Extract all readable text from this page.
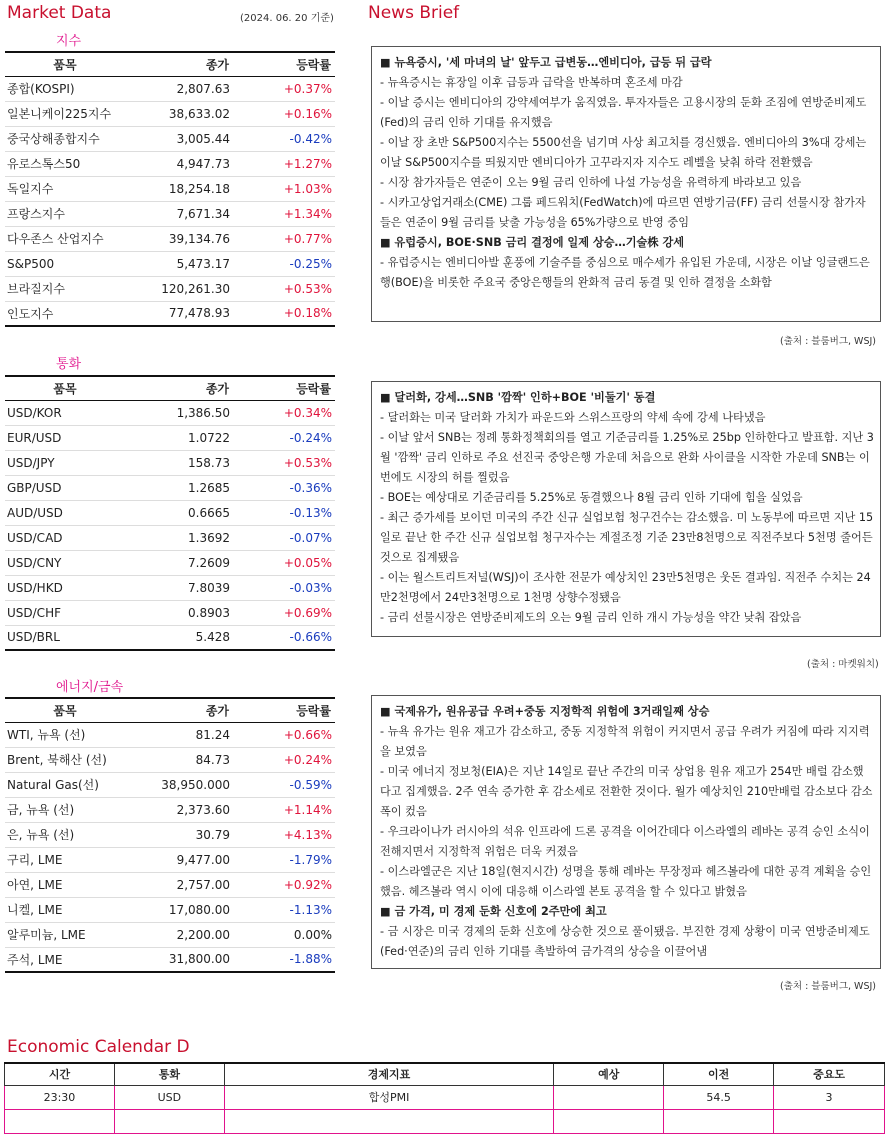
Market Data	(2024. 06. 20 기준) News Brief
지수
품목	종가	등락률
종합(KOSPI)	2,807.63	+0.37%
일본니케이225지수	38,633.02	+0.16%
중국상해종합지수	3,005.44	-0.42%
유로스톡스50	4,947.73	+1.27%
독일지수	18,254.18	+1.03%
프랑스지수	7,671.34	+1.34%
다우존스 산업지수	39,134.76	+0.77%
S&P500	5,473.17	-0.25%
브라질지수	120,261.30	+0.53%
인도지수	77,478.93	+0.18%
통화
품목	종가	등락률
USD/KOR	1,386.50	+0.34%
EUR/USD	1.0722	-0.24%
USD/JPY	158.73	+0.53%
GBP/USD	1.2685	-0.36%
AUD/USD	0.6665	-0.13%
USD/CAD	1.3692	-0.07%
USD/CNY	7.2609	+0.05%
USD/HKD	7.8039	-0.03%
USD/CHF	0.8903	+0.69%
USD/BRL	5.428	-0.66%
에너지/금속
품목	종가	등락률
WTI, 뉴욕 (선)	81.24	+0.66%
Brent, 북해산 (선)	84.73	+0.24%
Natural Gas(선)	38,950.000	-0.59%
금, 뉴욕 (선)	2,373.60	+1.14%
은, 뉴욕 (선)	30.79	+4.13%
구리, LME	9,477.00	-1.79%
아연, LME	2,757.00	+0.92%
니켈, LME	17,080.00	-1.13%
알루미늄, LME	2,200.00	0.00%
주석, LME	31,800.00	-1.88%
■ 뉴욕증시, '세 마녀의 날' 앞두고 급변동…엔비디아, 급등 뒤 급락
- 뉴욕증시는 휴장일 이후 급등과 급락을 반복하며 혼조세 마감
- 이날 증시는 엔비디아의 강약세여부가 움직였음. 투자자들은 고용시장의 둔화 조짐에 연방준비제도(Fed)의 금리 인하 기대를 유지했음
- 이날 장 초반 S&P500지수는 5500선을 넘기며 사상 최고치를 경신했음. 엔비디아의 3%대 강세는 이날 S&P500지수를 띄웠지만 엔비디아가 고꾸라지자 지수도 레벨을 낮춰 하락 전환했음
- 시장 참가자들은 연준이 오는 9월 금리 인하에 나설 가능성을 유력하게 바라보고 있음
- 시카고상업거래소(CME) 그룹 페드워치(FedWatch)에 따르면 연방기금(FF) 금리 선물시장 참가자들은 연준이 9월 금리를 낮출 가능성을 65%가량으로 반영 중임
■ 유럽증시, BOE·SNB 금리 결정에 일제 상승…기술株 강세
- 유럽증시는 엔비디아발 훈풍에 기술주를 중심으로 매수세가 유입된 가운데, 시장은 이날 잉글랜드은행(BOE)을 비롯한 주요국 중앙은행들의 완화적 금리 동결 및 인하 결정을 소화함
(출처 : 블룸버그, WSJ)
■ 달러화, 강세…SNB '깜짝' 인하+BOE '비둘기' 동결
- 달러화는 미국 달러화 가치가 파운드와 스위스프랑의 약세 속에 강세 나타냈음
- 이날 앞서 SNB는 정례 통화정책회의를 열고 기준금리를 1.25%로 25bp 인하한다고 발표함. 지난 3월 '깜짝' 금리 인하로 주요 선진국 중앙은행 가운데 처음으로 완화 사이클을 시작한 가운데 SNB는 이번에도 시장의 허를 찔렀음
- BOE는 예상대로 기준금리를 5.25%로 동결했으나 8월 금리 인하 기대에 힘을 실었음
- 최근 증가세를 보이던 미국의 주간 신규 실업보험 청구건수는 감소했음. 미 노동부에 따르면 지난 15일로 끝난 한 주간 신규 실업보험 청구자수는 계절조정 기준 23만8천명으로 직전주보다 5천명 줄어든 것으로 집계됐음
- 이는 월스트리트저널(WSJ)이 조사한 전문가 예상치인 23만5천명은 웃돈 결과임. 직전주 수치는 24만2천명에서 24만3천명으로 1천명 상향수정됐음
- 금리 선물시장은 연방준비제도의 오는 9월 금리 인하 개시 가능성을 약간 낮춰 잡았음
(출처 : 마켓워치)
■ 국제유가, 원유공급 우려+중동 지정학적 위험에 3거래일째 상승
- 뉴욕 유가는 원유 재고가 감소하고, 중동 지정학적 위험이 커지면서 공급 우려가 커짐에 따라 지지력을 보였음
- 미국 에너지 정보청(EIA)은 지난 14일로 끝난 주간의 미국 상업용 원유 재고가 254만 배럴 감소했다고 집계했음. 2주 연속 증가한 후 감소세로 전환한 것이다. 월가 예상치인 210만배럴 감소보다 감소폭이 컸음
- 우크라이나가 러시아의 석유 인프라에 드론 공격을 이어간데다 이스라엘의 레바논 공격 승인 소식이 전해지면서 지정학적 위험은 더욱 커졌음
- 이스라엘군은 지난 18일(현지시간) 성명을 통해 레바논 무장정파 헤즈볼라에 대한 공격 계획을 승인했음. 헤즈볼라 역시 이에 대응해 이스라엘 본토 공격을 할 수 있다고 밝혔음
■ 금 가격, 미 경제 둔화 신호에 2주만에 최고
- 금 시장은 미국 경제의 둔화 신호에 상승한 것으로 풀이됐음. 부진한 경제 상황이 미국 연방준비제도(Fed·연준)의 금리 인하 기대를 촉발하여 금가격의 상승을 이끌어냄
(출처 : 블룸버그, WSJ)
Economic Calendar D
시간	통화	경제지표	예상	이전	중요도
23:30	USD	합성PMI		54.5	3
